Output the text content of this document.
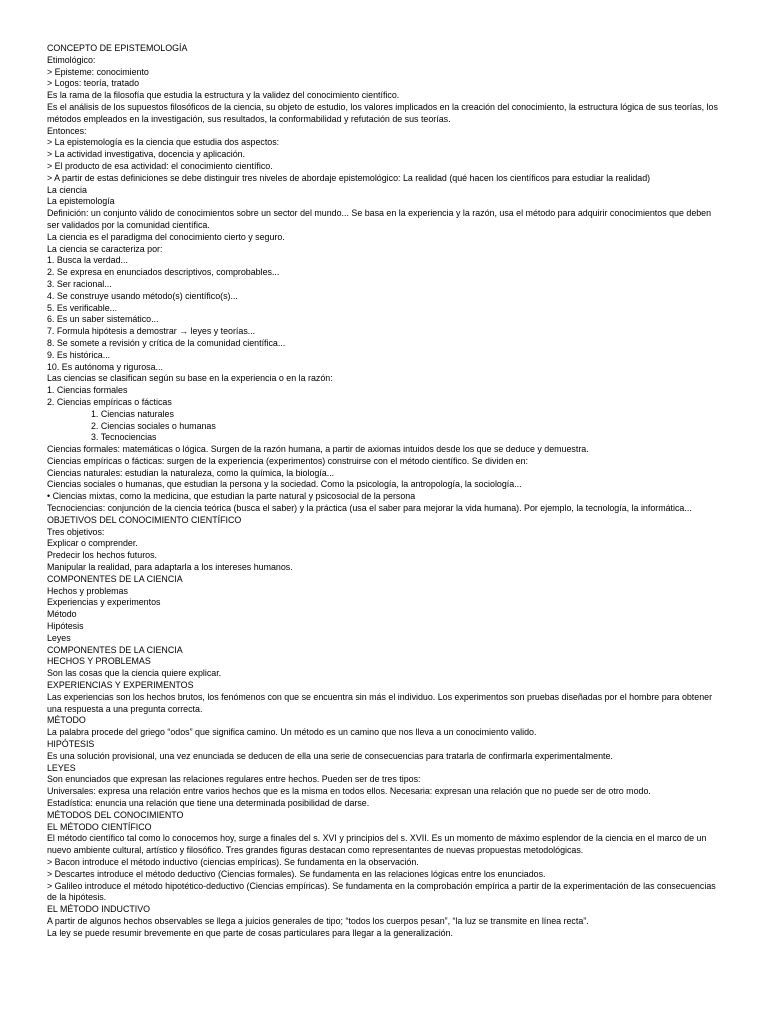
CONCEPTO DE EPISTEMOLOGÍA
Etimológico:
> Episteme: conocimiento
> Logos: teoría, tratado
Es la rama de la filosofía que estudia la estructura y la validez del conocimiento científico.
Es el análisis de los supuestos filosóficos de la ciencia, su objeto de estudio, los valores implicados en la creación del conocimiento, la estructura lógica de sus teorías, los métodos empleados en la investigación, sus resultados, la conformabilidad y refutación de sus teorías.
Entonces:
> La epistemología es la ciencia que estudia dos aspectos:
> La actividad investigativa, docencia y aplicación.
> El producto de esa actividad: el conocimiento científico.
> A partir de estas definiciones se debe distinguir tres niveles de abordaje epistemológico: La realidad (qué hacen los científicos para estudiar la realidad)
La ciencia
La epistemología
Definición: un conjunto válido de conocimientos sobre un sector del mundo... Se basa en la experiencia y la razón, usa el método para adquirir conocimientos que deben ser validados por la comunidad científica.
La ciencia es el paradigma del conocimiento cierto y seguro.
La ciencia se caracteriza por:
1. Busca la verdad...
2. Se expresa en enunciados descriptivos, comprobables...
3. Ser racional...
4. Se construye usando método(s) científico(s)...
5. Es verificable...
6. Es un saber sistemático...
7. Formula hipótesis a demostrar → leyes y teorías...
8. Se somete a revisión y crítica de la comunidad científica...
9. Es histórica...
10. Es autónoma y rigurosa...
Las ciencias se clasifican según su base en la experiencia o en la razón:
1. Ciencias formales
2. Ciencias empíricas o fácticas
1. Ciencias naturales
2. Ciencias sociales o humanas
3. Tecnociencias
Ciencias formales: matemáticas o lógica. Surgen de la razón humana, a partir de axiomas intuidos desde los que se deduce y demuestra.
Ciencias empíricas o fácticas: surgen de la experiencia (experimentos) construirse con el método científico. Se dividen en:
Ciencias naturales: estudian la naturaleza, como la química, la biología...
Ciencias sociales o humanas, que estudian la persona y la sociedad. Como la psicología, la antropología, la sociología...
• Ciencias mixtas, como la medicina, que estudian la parte natural y psicosocial de la persona
Tecnociencias: conjunción de la ciencia teórica (busca el saber) y la práctica (usa el saber para mejorar la vida humana). Por ejemplo, la tecnología, la informática...
OBJETIVOS DEL CONOCIMIENTO CIENTÍFICO
Tres objetivos:
Explicar o comprender.
Predecir los hechos futuros.
Manipular la realidad, para adaptarla a los intereses humanos.
COMPONENTES DE LA CIENCIA
Hechos y problemas
Experiencias y experimentos
Método
Hipótesis
Leyes
COMPONENTES DE LA CIENCIA
HECHOS Y PROBLEMAS
Son las cosas que la ciencia quiere explicar.
EXPERIENCIAS Y EXPERIMENTOS
Las experiencias son los hechos brutos, los fenómenos con que se encuentra sin más el individuo. Los experimentos son pruebas diseñadas por el hombre para obtener una respuesta a una pregunta correcta.
MÉTODO
La palabra procede del griego “odos” que significa camino. Un método es un camino que nos lleva a un conocimiento valido.
HIPÓTESIS
Es una solución provisional, una vez enunciada se deducen de ella una serie de consecuencias para tratarla de confirmarla experimentalmente.
LEYES
Son enunciados que expresan las relaciones regulares entre hechos. Pueden ser de tres tipos:
Universales: expresa una relación entre varios hechos que es la misma en todos ellos. Necesaria: expresan una relación que no puede ser de otro modo.
Estadística: enuncia una relación que tiene una determinada posibilidad de darse.
MÉTODOS DEL CONOCIMIENTO
EL MÉTODO CIENTÍFICO
El método científico tal como lo conocemos hoy, surge a finales del s. XVI y principios del s. XVII. Es un momento de máximo esplendor de la ciencia en el marco de un nuevo ambiente cultural, artístico y filosófico. Tres grandes figuras destacan como representantes de nuevas propuestas metodológicas.
> Bacon introduce el método inductivo (ciencias empíricas). Se fundamenta en la observación.
> Descartes introduce el método deductivo (Ciencias formales). Se fundamenta en las relaciones lógicas entre los enunciados.
> Galileo introduce el método hipotético-deductivo (Ciencias empíricas). Se fundamenta en la comprobación empírica a partir de la experimentación de las consecuencias de la hipótesis.
EL MÉTODO INDUCTIVO
A partir de algunos hechos observables se llega a juicios generales de tipo; “todos los cuerpos pesan”, “la luz se transmite en línea recta”.
La ley se puede resumir brevemente en que parte de cosas particulares para llegar a la generalización.
